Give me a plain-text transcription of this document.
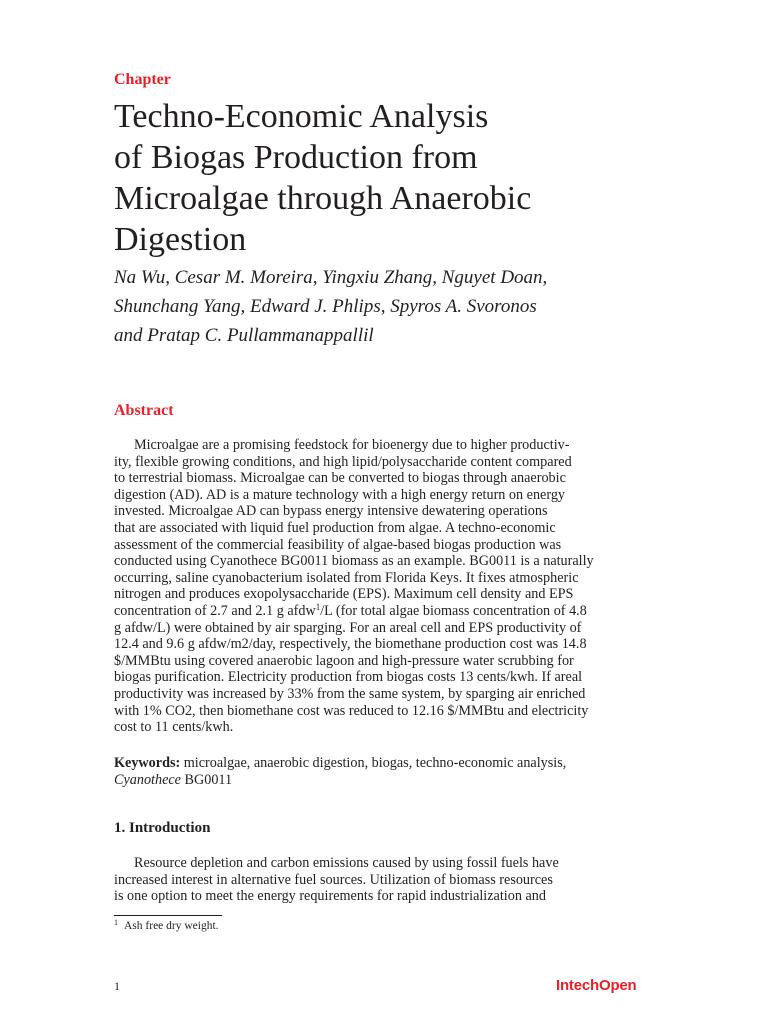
Chapter
Techno-Economic Analysis
of Biogas Production from
Microalgae through Anaerobic
Digestion
Na Wu, Cesar M. Moreira, Yingxiu Zhang, Nguyet Doan,
Shunchang Yang, Edward J. Phlips, Spyros A. Svoronos
and Pratap C. Pullammanappallil
Abstract
Microalgae are a promising feedstock for bioenergy due to higher productiv-
ity, flexible growing conditions, and high lipid/polysaccharide content compared
to terrestrial biomass. Microalgae can be converted to biogas through anaerobic
digestion (AD). AD is a mature technology with a high energy return on energy
invested. Microalgae AD can bypass energy intensive dewatering operations
that are associated with liquid fuel production from algae. A techno-economic
assessment of the commercial feasibility of algae-based biogas production was
conducted using Cyanothece BG0011 biomass as an example. BG0011 is a naturally
occurring, saline cyanobacterium isolated from Florida Keys. It fixes atmospheric
nitrogen and produces exopolysaccharide (EPS). Maximum cell density and EPS
concentration of 2.7 and 2.1 g afdw$^1$/L (for total algae biomass concentration of 4.8
g afdw/L) were obtained by air sparging. For an areal cell and EPS productivity of
12.4 and 9.6 g afdw/m2/day, respectively, the biomethane production cost was 14.8
$/MMBtu using covered anaerobic lagoon and high-pressure water scrubbing for
biogas purification. Electricity production from biogas costs 13 cents/kwh. If areal
productivity was increased by 33% from the same system, by sparging air enriched
with 1% CO2, then biomethane cost was reduced to 12.16 $/MMBtu and electricity
cost to 11 cents/kwh.
Keywords: microalgae, anaerobic digestion, biogas, techno-economic analysis,
Cyanothece BG0011
1. Introduction
Resource depletion and carbon emissions caused by using fossil fuels have
increased interest in alternative fuel sources. Utilization of biomass resources
is one option to meet the energy requirements for rapid industrialization and
$^1$ Ash free dry weight.
1	IntechOpen
